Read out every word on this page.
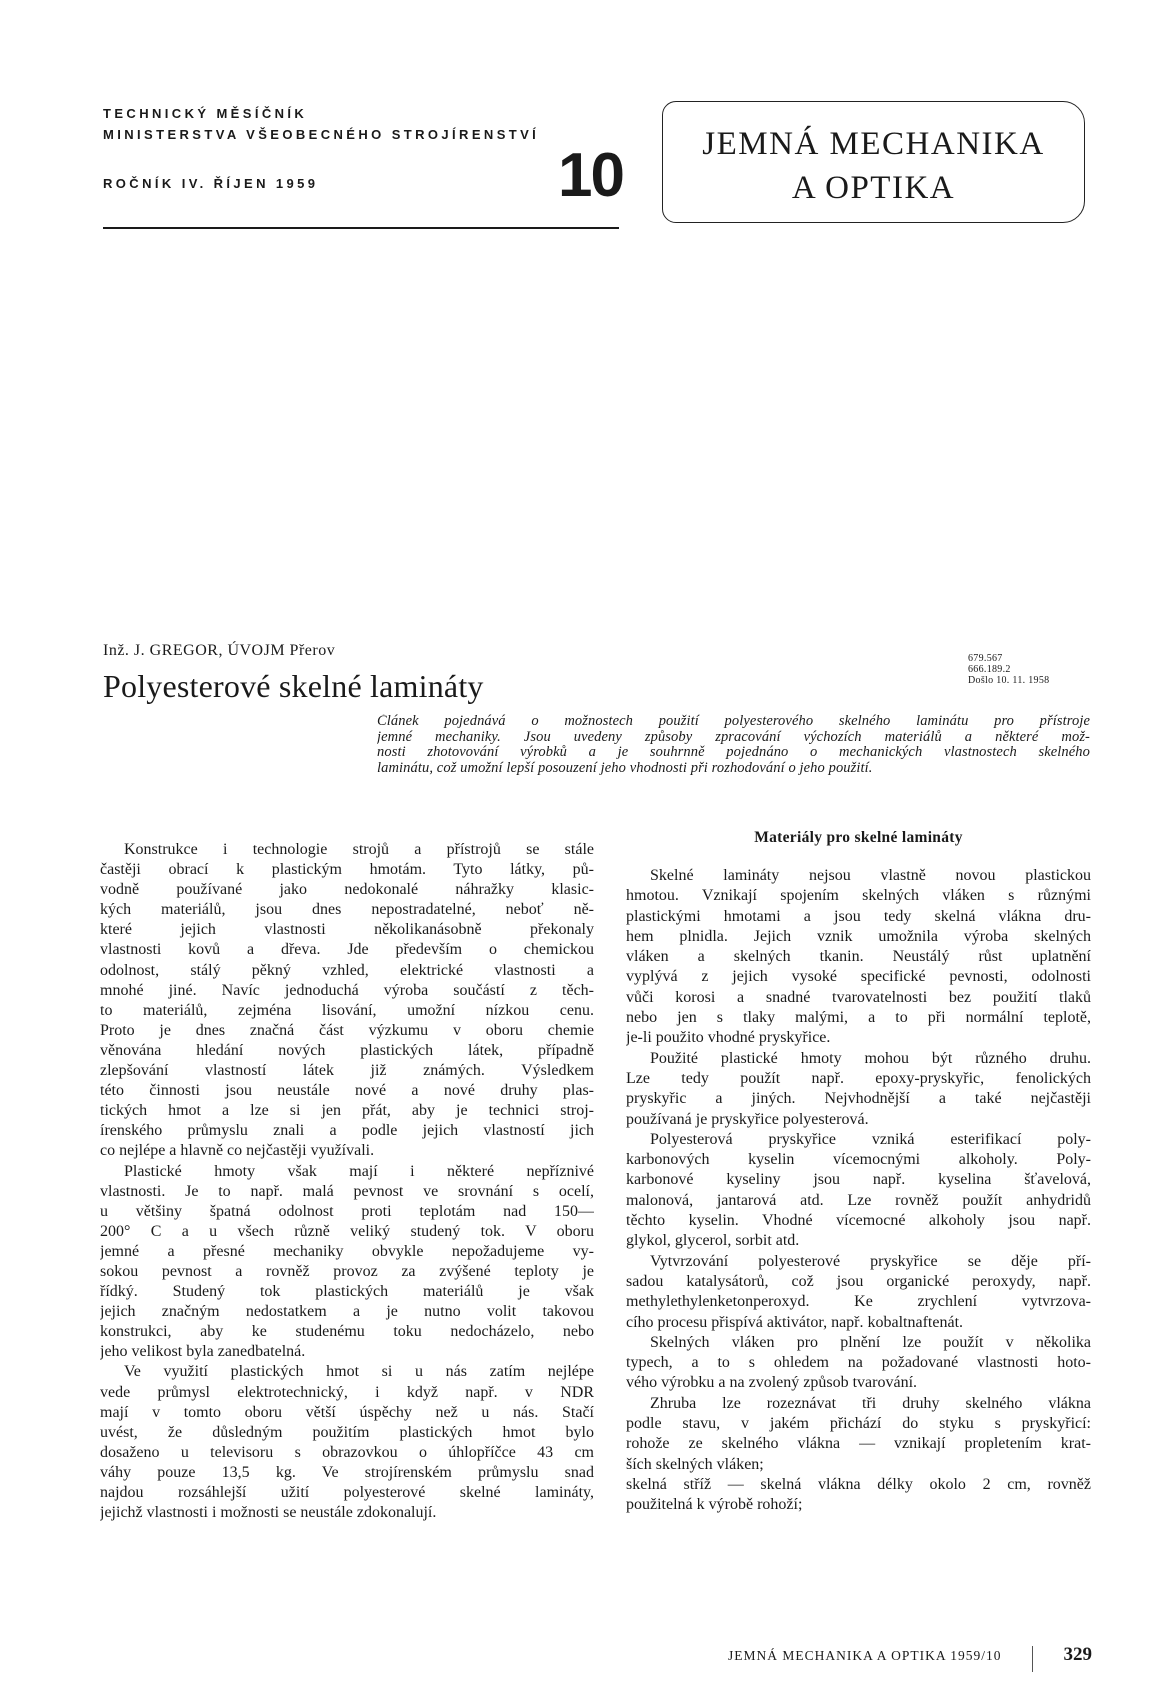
TECHNICKÝ MĚSÍČNÍK
MINISTERSTVA VŠEOBECNÉHO STROJÍRENSTVÍ
ROČNÍK IV. ŘÍJEN 1959	10	JEMNÁ MECHANIKA
A OPTIKA
Inž. J. GREGOR, ÚVOJM Přerov
Polyesterové skelné lamináty
679.567
666.189.2
Došlo 10. 11. 1958
Článek pojednává o možnostech použití polyesterového skelného laminátu pro přístroje
jemné mechaniky. Jsou uvedeny způsoby zpracování výchozích materiálů a některé mož-
nosti zhotovování výrobků a je souhrnně pojednáno o mechanických vlastnostech skelného
laminátu, což umožní lepší posouzení jeho vhodnosti při rozhodování o jeho použití.
Konstrukce i technologie strojů a přístrojů se stále
častěji obrací k plastickým hmotám. Tyto látky, pů-
vodně používané jako nedokonalé náhražky klasic-
kých materiálů, jsou dnes nepostradatelné, neboť ně-
které jejich vlastnosti několikanásobně překonaly
vlastnosti kovů a dřeva. Jde především o chemickou
odolnost, stálý pěkný vzhled, elektrické vlastnosti a
mnohé jiné. Navíc jednoduchá výroba součástí z těch-
to materiálů, zejména lisování, umožní nízkou cenu.
Proto je dnes značná část výzkumu v oboru chemie
věnována hledání nových plastických látek, případně
zlepšování vlastností látek již známých. Výsledkem
této činnosti jsou neustále nové a nové druhy plas-
tických hmot a lze si jen přát, aby je technici stroj-
írenského průmyslu znali a podle jejich vlastností jich
co nejlépe a hlavně co nejčastěji využívali.
Plastické hmoty však mají i některé nepříznivé
vlastnosti. Je to např. malá pevnost ve srovnání s ocelí,
u většiny špatná odolnost proti teplotám nad 150—
200° C a u všech různě veliký studený tok. V oboru
jemné a přesné mechaniky obvykle nepožadujeme vy-
sokou pevnost a rovněž provoz za zvýšené teploty je
řídký. Studený tok plastických materiálů je však
jejich značným nedostatkem a je nutno volit takovou
konstrukci, aby ke studenému toku nedocházelo, nebo
jeho velikost byla zanedbatelná.
Ve využití plastických hmot si u nás zatím nejlépe
vede průmysl elektrotechnický, i když např. v NDR
mají v tomto oboru větší úspěchy než u nás. Stačí
uvést, že důsledným použitím plastických hmot bylo
dosaženo u televisoru s obrazovkou o úhlopříčce 43 cm
váhy pouze 13,5 kg. Ve strojírenském průmyslu snad
najdou rozsáhlejší užití polyesterové skelné lamináty,
jejichž vlastnosti i možnosti se neustále zdokonalují.
Materiály pro skelné lamináty
Skelné lamináty nejsou vlastně novou plastickou
hmotou. Vznikají spojením skelných vláken s různými
plastickými hmotami a jsou tedy skelná vlákna dru-
hem plnidla. Jejich vznik umožnila výroba skelných
vláken a skelných tkanin. Neustálý růst uplatnění
vyplývá z jejich vysoké specifické pevnosti, odolnosti
vůči korosi a snadné tvarovatelnosti bez použití tlaků
nebo jen s tlaky malými, a to při normální teplotě,
je-li použito vhodné pryskyřice.
Použité plastické hmoty mohou být různého druhu.
Lze tedy použít např. epoxy-pryskyřic, fenolických
pryskyřic a jiných. Nejvhodnější a také nejčastěji
používaná je pryskyřice polyesterová.
Polyesterová pryskyřice vzniká esterifikací poly-
karbonových kyselin vícemocnými alkoholy. Poly-
karbonové kyseliny jsou např. kyselina šťavelová,
malonová, jantarová atd. Lze rovněž použít anhydridů
těchto kyselin. Vhodné vícemocné alkoholy jsou např.
glykol, glycerol, sorbit atd.
Vytvrzování polyesterové pryskyřice se děje pří-
sadou katalysátorů, což jsou organické peroxydy, např.
methylethylenketonperoxyd. Ke zrychlení vytvrzova-
cího procesu přispívá aktivátor, např. kobaltnaftenát.
Skelných vláken pro plnění lze použít v několika
typech, a to s ohledem na požadované vlastnosti hoto-
vého výrobku a na zvolený způsob tvarování.
Zhruba lze rozeznávat tři druhy skelného vlákna
podle stavu, v jakém přichází do styku s pryskyřicí:
rohože ze skelného vlákna — vznikají propletením krat-
ších skelných vláken;
skelná stříž — skelná vlákna délky okolo 2 cm, rovněž
použitelná k výrobě rohoží;
JEMNÁ MECHANIKA A OPTIKA 1959/10	329
